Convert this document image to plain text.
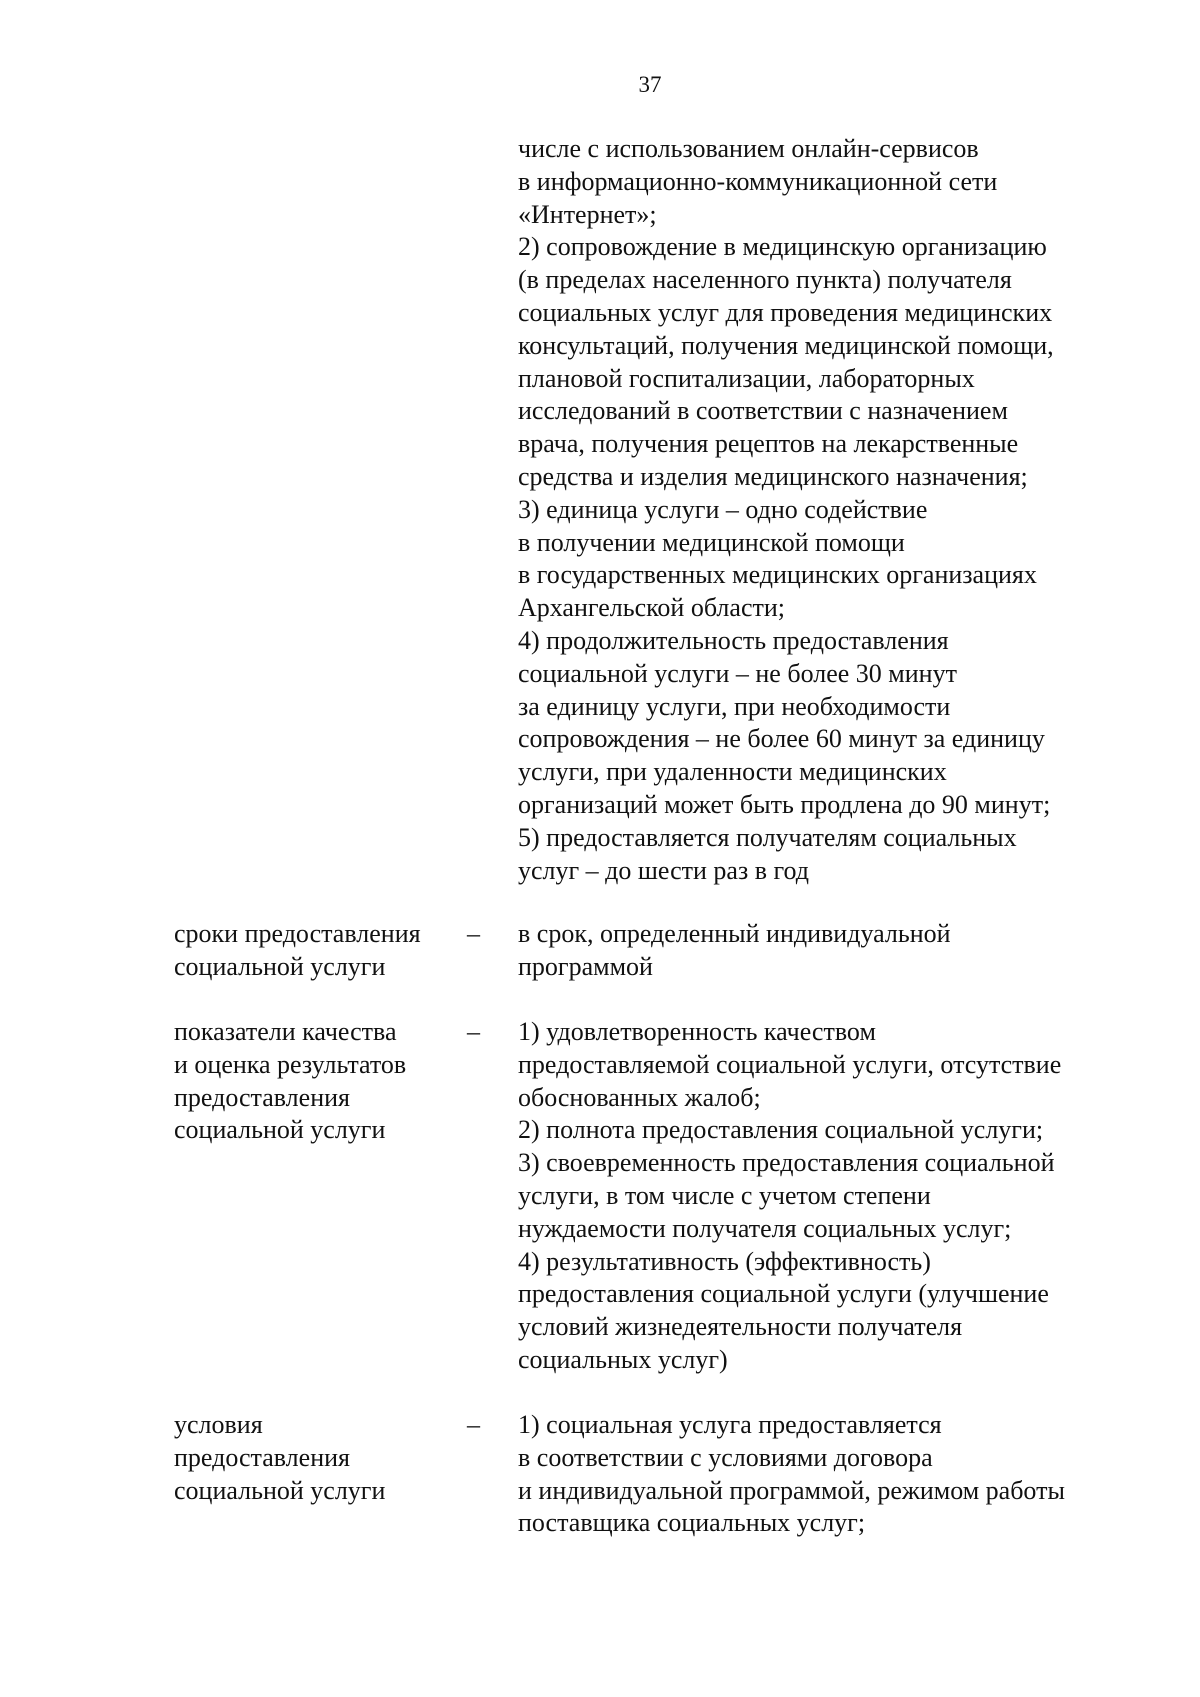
37
числе с использованием онлайн-сервисов
в информационно-коммуникационной сети
«Интернет»;
2) сопровождение в медицинскую организацию
(в пределах населенного пункта) получателя
социальных услуг для проведения медицинских
консультаций, получения медицинской помощи,
плановой госпитализации, лабораторных
исследований в соответствии с назначением
врача, получения рецептов на лекарственные
средства и изделия медицинского назначения;
3) единица услуги – одно содействие
в получении медицинской помощи
в государственных медицинских организациях
Архангельской области;
4) продолжительность предоставления
социальной услуги – не более 30 минут
за единицу услуги, при необходимости
сопровождения – не более 60 минут за единицу
услуги, при удаленности медицинских
организаций может быть продлена до 90 минут;
5) предоставляется получателям социальных
услуг – до шести раз в год
сроки предоставления
социальной услуги
– в срок, определенный индивидуальной
программой
показатели качества
и оценка результатов
предоставления
социальной услуги
– 1) удовлетворенность качеством
предоставляемой социальной услуги, отсутствие
обоснованных жалоб;
2) полнота предоставления социальной услуги;
3) своевременность предоставления социальной
услуги, в том числе с учетом степени
нуждаемости получателя социальных услуг;
4) результативность (эффективность)
предоставления социальной услуги (улучшение
условий жизнедеятельности получателя
социальных услуг)
условия
предоставления
социальной услуги
– 1) социальная услуга предоставляется
в соответствии с условиями договора
и индивидуальной программой, режимом работы
поставщика социальных услуг;
